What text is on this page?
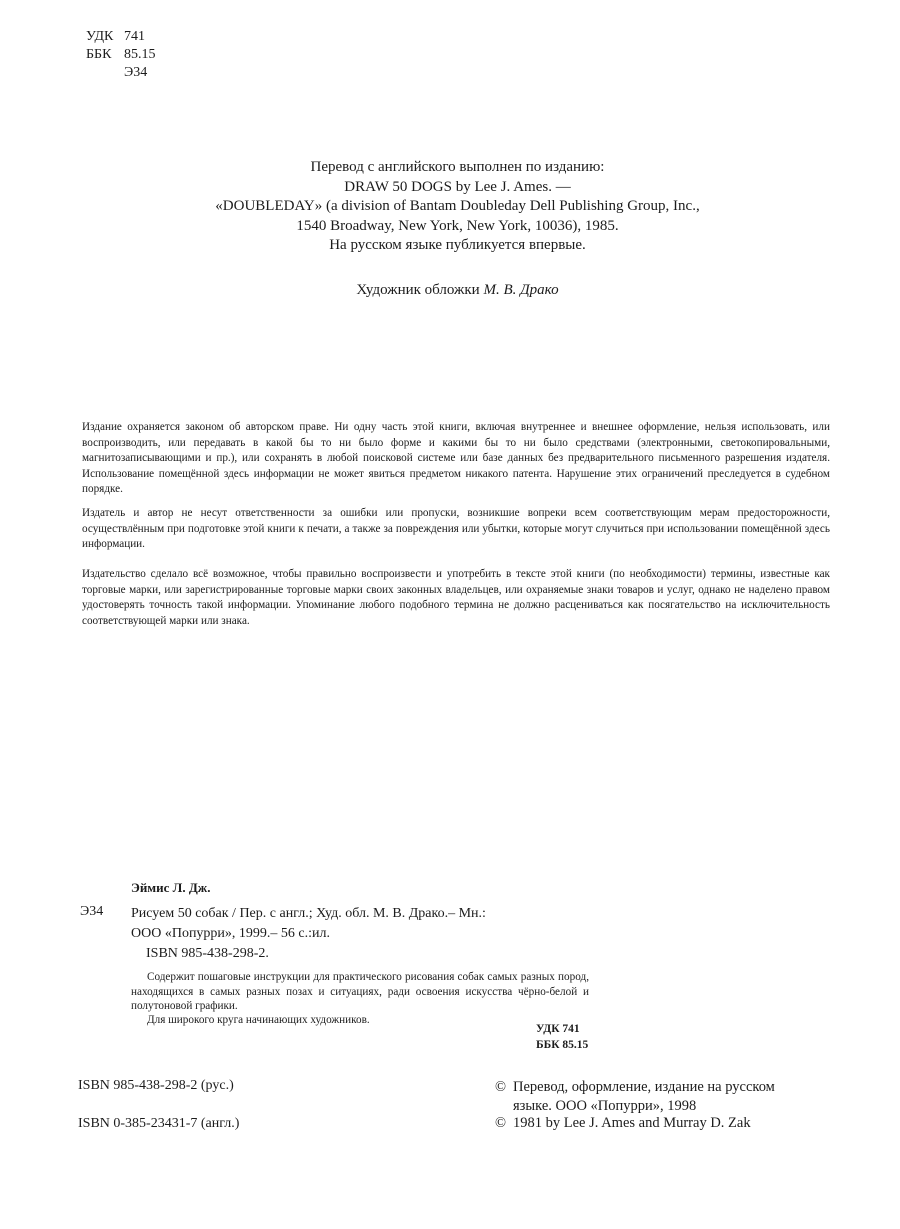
УДК 741
ББК 85.15
Э34
Перевод с английского выполнен по изданию:
DRAW 50 DOGS by Lee J. Ames. —
«DOUBLEDAY» (a division of Bantam Doubleday Dell Publishing Group, Inc.,
1540 Broadway, New York, New York, 10036), 1985.
На русском языке публикуется впервые.
Художник обложки М. В. Драко
Издание охраняется законом об авторском праве. Ни одну часть этой книги, включая внутреннее и внешнее оформление, нельзя использовать, или воспроизводить, или передавать в какой бы то ни было форме и какими бы то ни было средствами (электронными, светокопировальными, магнитозаписывающими и пр.), или сохранять в любой поисковой системе или базе данных без предварительного письменного разрешения издателя. Использование помещённой здесь информации не может явиться предметом никакого патента. Нарушение этих ограничений преследуется в судебном порядке.
Издатель и автор не несут ответственности за ошибки или пропуски, возникшие вопреки всем соответствующим мерам предосторожности, осуществлённым при подготовке этой книги к печати, а также за повреждения или убытки, которые могут случиться при использовании помещённой здесь информации.
Издательство сделало всё возможное, чтобы правильно воспроизвести и употребить в тексте этой книги (по необходимости) термины, известные как торговые марки, или зарегистрированные торговые марки своих законных владельцев, или охраняемые знаки товаров и услуг, однако не наделено правом удостоверять точность такой информации. Упоминание любого подобного термина не должно расцениваться как посягательство на исключительность соответствующей марки или знака.
Эймис Л. Дж.
Э34 Рисуем 50 собак / Пер. с англ.; Худ. обл. М. В. Драко.– Мн.:
ООО «Попурри», 1999.– 56 с.:ил.
ISBN 985-438-298-2.
Содержит пошаговые инструкции для практического рисования собак самых разных пород, находящихся в самых разных позах и ситуациях, ради освоения искусства чёрно-белой и полутоновой графики.
Для широкого круга начинающих художников.
УДК 741
ББК 85.15
ISBN 985-438-298-2 (рус.)
ISBN 0-385-23431-7 (англ.)
© Перевод, оформление, издание на русском
языке. ООО «Попурри», 1998
© 1981 by Lee J. Ames and Murray D. Zak
